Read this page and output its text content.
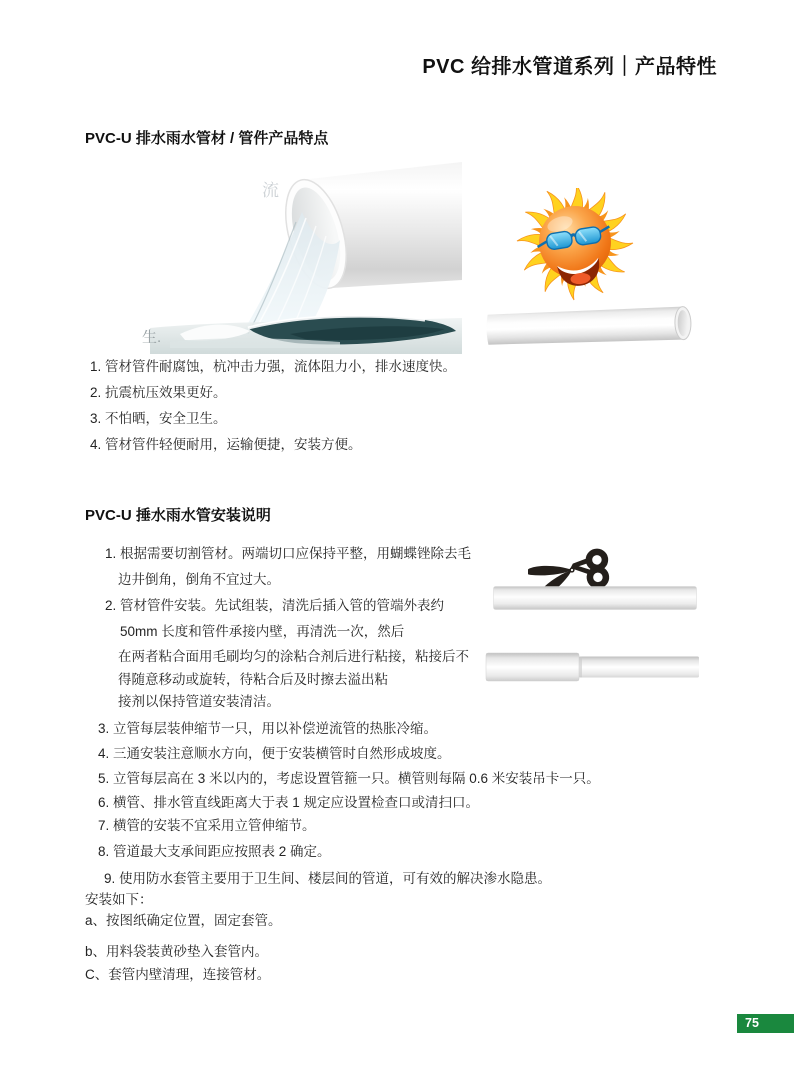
PVC 给排水管道系列｜产品特性
PVC-U 排水雨水管材 / 管件产品特点
流
生.
1. 管材管件耐腐蚀，杭冲击力强，流体阻力小，排水速度快。
2. 抗震杭压效果更好。
3. 不怕晒，安全卫生。
4. 管材管件轻便耐用，运输便捷，安装方便。
PVC-U 捶水雨水管安装说明
1. 根据需要切割管材。两端切口应保持平整，用蝴蝶锉除去毛
边井倒角，倒角不宜过大。
2. 管材管件安装。先试组装，清洗后插入管的管端外表约
50mm 长度和管件承接内壁，再清洗一次，然后
在两者粘合面用毛刷均匀的涂粘合剂后进行粘接，粘接后不
得随意移动或旋转，待粘合后及时擦去溢出粘
接剂以保持管道安装清洁。
3. 立管每层装伸缩节一只，用以补偿逆流管的热胀冷缩。
4. 三通安装注意顺水方向，便于安装横管时自然形成坡度。
5. 立管每层高在 3 米以内的，考虑设置管箍一只。横管则每隔 0.6 米安装吊卡一只。
6. 横管、排水管直线距离大于表 1 规定应设置检查口或清扫口。
7. 横管的安装不宜采用立管伸缩节。
8. 管道最大支承间距应按照表 2 确定。
9. 使用防水套管主要用于卫生间、楼层间的管道，可有效的解决渗水隐患。
安装如下：
a、按图纸确定位置，固定套管。
b、用料袋装黄砂垫入套管内。
C、套管内壁清理，连接管材。
75
